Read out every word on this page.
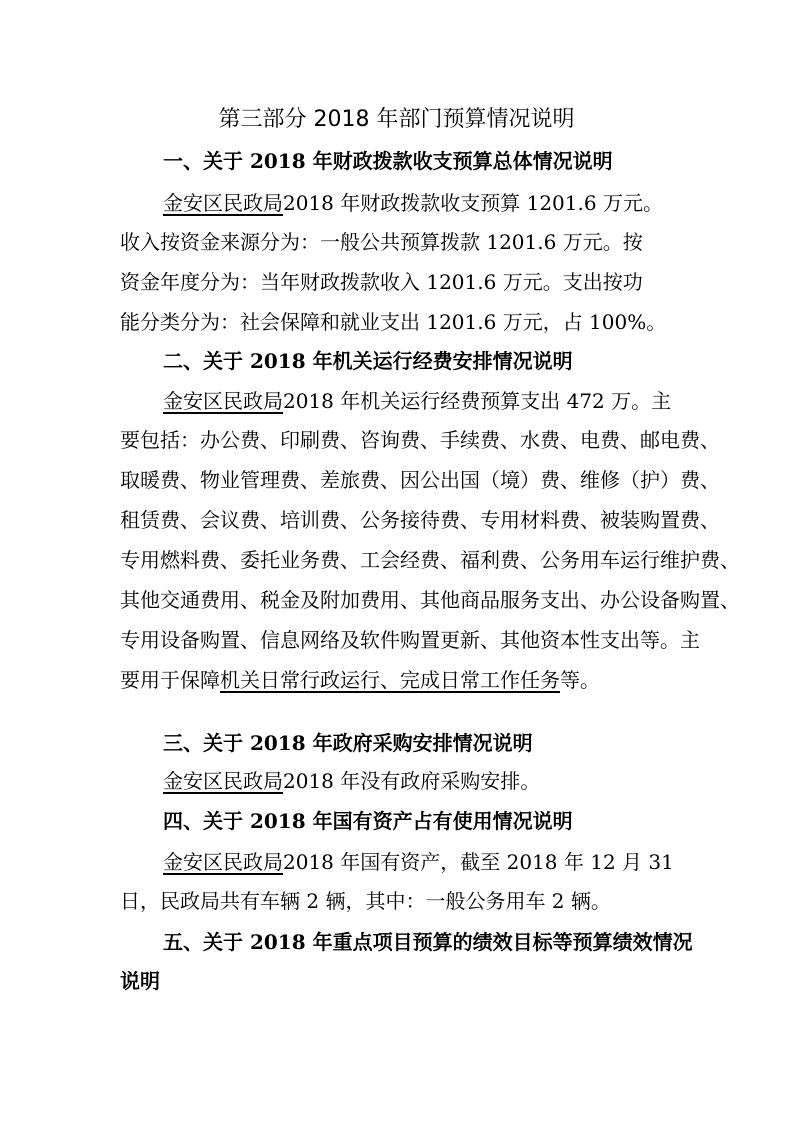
第三部分 2018 年部门预算情况说明
一、关于 2018 年财政拨款收支预算总体情况说明
金安区民政局2018 年财政拨款收支预算 1201.6 万元。
收入按资金来源分为：一般公共预算拨款 1201.6 万元。按
资金年度分为：当年财政拨款收入 1201.6 万元。支出按功
能分类分为：社会保障和就业支出 1201.6 万元，占 100%。
二、关于 2018 年机关运行经费安排情况说明
金安区民政局2018 年机关运行经费预算支出 472 万。主
要包括：办公费、印刷费、咨询费、手续费、水费、电费、邮电费、
取暖费、物业管理费、差旅费、因公出国（境）费、维修（护）费、
租赁费、会议费、培训费、公务接待费、专用材料费、被装购置费、
专用燃料费、委托业务费、工会经费、福利费、公务用车运行维护费、
其他交通费用、税金及附加费用、其他商品服务支出、办公设备购置、
专用设备购置、信息网络及软件购置更新、其他资本性支出等。主
要用于保障机关日常行政运行、完成日常工作任务等。
三、关于 2018 年政府采购安排情况说明
金安区民政局2018 年没有政府采购安排。
四、关于 2018 年国有资产占有使用情况说明
金安区民政局2018 年国有资产，截至 2018 年 12 月 31
日，民政局共有车辆 2 辆，其中：一般公务用车 2 辆。
五、关于 2018 年重点项目预算的绩效目标等预算绩效情况
说明
